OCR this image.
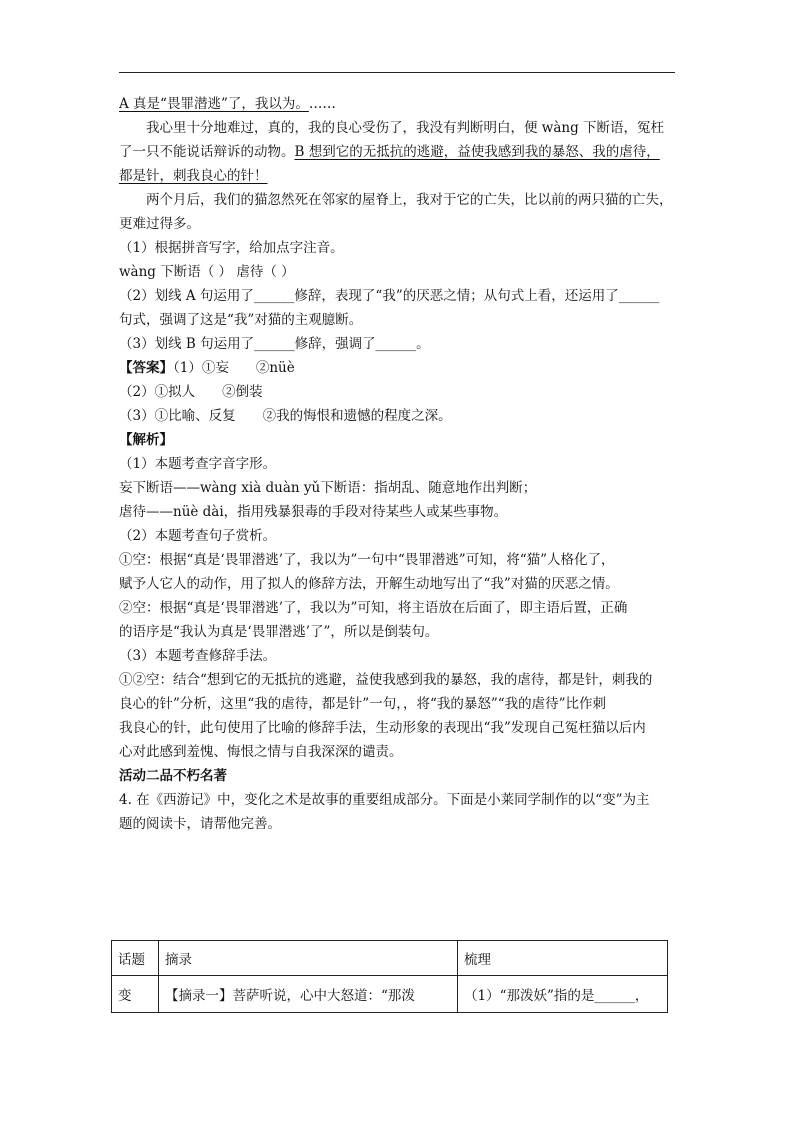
A 真是“畏罪潜逃”了，我以为。……
我心里十分地难过，真的，我的良心受伤了，我没有判断明白，便 wàng 下断语，冤枉
了一只不能说话辩诉的动物。B 想到它的无抵抗的逃避，益使我感到我的暴怒、我的虐待，
都是针，刺我良心的针！
两个月后，我们的猫忽然死在邻家的屋脊上，我对于它的亡失，比以前的两只猫的亡失，
更难过得多。
（1）根据拼音写字，给加点字注音。
wàng 下断语（ ） 虐待（ ）
（2）划线 A 句运用了______修辞，表现了“我”的厌恶之情；从句式上看，还运用了______
句式，强调了这是“我”对猫的主观臆断。
（3）划线 B 句运用了______修辞，强调了______。
【答案】（1）①妄　　②nüè
（2）①拟人　　②倒装
（3）①比喻、反复　　②我的悔恨和遗憾的程度之深。
【解析】
（1）本题考查字音字形。
妄下断语——wàng xià duàn yǔ下断语：指胡乱、随意地作出判断；
虐待——nüè dài，指用残暴狠毒的手段对待某些人或某些事物。
（2）本题考查句子赏析。
①空：根据“真是‘畏罪潜逃’了，我以为”一句中“畏罪潜逃”可知，将“猫”人格化了，
赋予人它人的动作，用了拟人的修辞方法，开解生动地写出了“我”对猫的厌恶之情。
②空：根据“真是‘畏罪潜逃’了，我以为”可知，将主语放在后面了，即主语后置，正确
的语序是“我认为真是‘畏罪潜逃’了”，所以是倒装句。
（3）本题考查修辞手法。
①②空：结合“想到它的无抵抗的逃避，益使我感到我的暴怒，我的虐待，都是针，刺我的
良心的针”分析，这里“我的虐待，都是针”一句，，将“我的暴怒”“我的虐待”比作刺
我良心的针，此句使用了比喻的修辞手法，生动形象的表现出“我”发现自己冤枉猫以后内
心对此感到羞愧、悔恨之情与自我深深的谴责。
活动二品不朽名著
4. 在《西游记》中，变化之术是故事的重要组成部分。下面是小莱同学制作的以“变”为主
题的阅读卡，请帮他完善。
话题	摘录	梳理
变	【摘录一】菩萨听说，心中大怒道：“那泼	（1）“那泼妖”指的是______，
